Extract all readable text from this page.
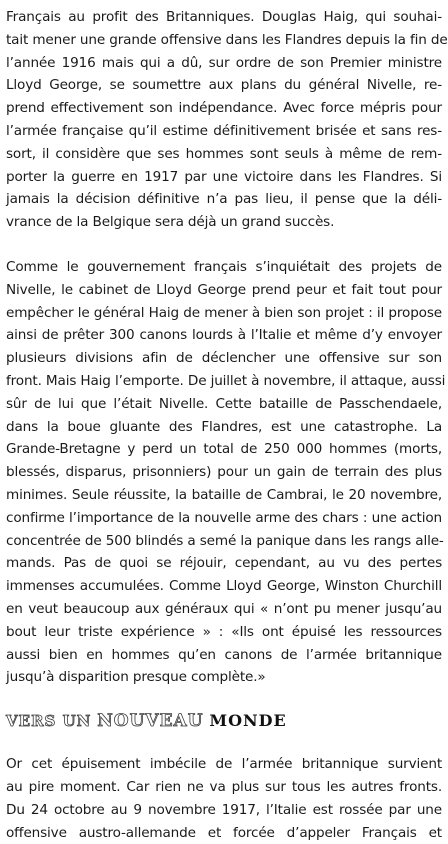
Français au profit des Britanniques. Douglas Haig, qui souhai-
tait mener une grande offensive dans les Flandres depuis la fin de
l’année 1916 mais qui a dû, sur ordre de son Premier ministre
Lloyd George, se soumettre aux plans du général Nivelle, re-
prend effectivement son indépendance. Avec force mépris pour
l’armée française qu’il estime définitivement brisée et sans res-
sort, il considère que ses hommes sont seuls à même de rem-
porter la guerre en 1917 par une victoire dans les Flandres. Si
jamais la décision définitive n’a pas lieu, il pense que la déli-
vrance de la Belgique sera déjà un grand succès.

Comme le gouvernement français s’inquiétait des projets de
Nivelle, le cabinet de Lloyd George prend peur et fait tout pour
empêcher le général Haig de mener à bien son projet : il propose
ainsi de prêter 300 canons lourds à l’Italie et même d’y envoyer
plusieurs divisions afin de déclencher une offensive sur son
front. Mais Haig l’emporte. De juillet à novembre, il attaque, aussi
sûr de lui que l’était Nivelle. Cette bataille de Passchendaele,
dans la boue gluante des Flandres, est une catastrophe. La
Grande-Bretagne y perd un total de 250 000 hommes (morts,
blessés, disparus, prisonniers) pour un gain de terrain des plus
minimes. Seule réussite, la bataille de Cambrai, le 20 novembre,
confirme l’importance de la nouvelle arme des chars : une action
concentrée de 500 blindés a semé la panique dans les rangs alle-
mands. Pas de quoi se réjouir, cependant, au vu des pertes
immenses accumulées. Comme Lloyd George, Winston Churchill
en veut beaucoup aux généraux qui « n’ont pu mener jusqu’au
bout leur triste expérience » : «Ils ont épuisé les ressources
aussi bien en hommes qu’en canons de l’armée britannique
jusqu’à disparition presque complète.»

VERS UN NOUVEAU MONDE

Or cet épuisement imbécile de l’armée britannique survient
au pire moment. Car rien ne va plus sur tous les autres fronts.
Du 24 octobre au 9 novembre 1917, l’Italie est rossée par une
offensive austro-allemande et forcée d’appeler Français et
